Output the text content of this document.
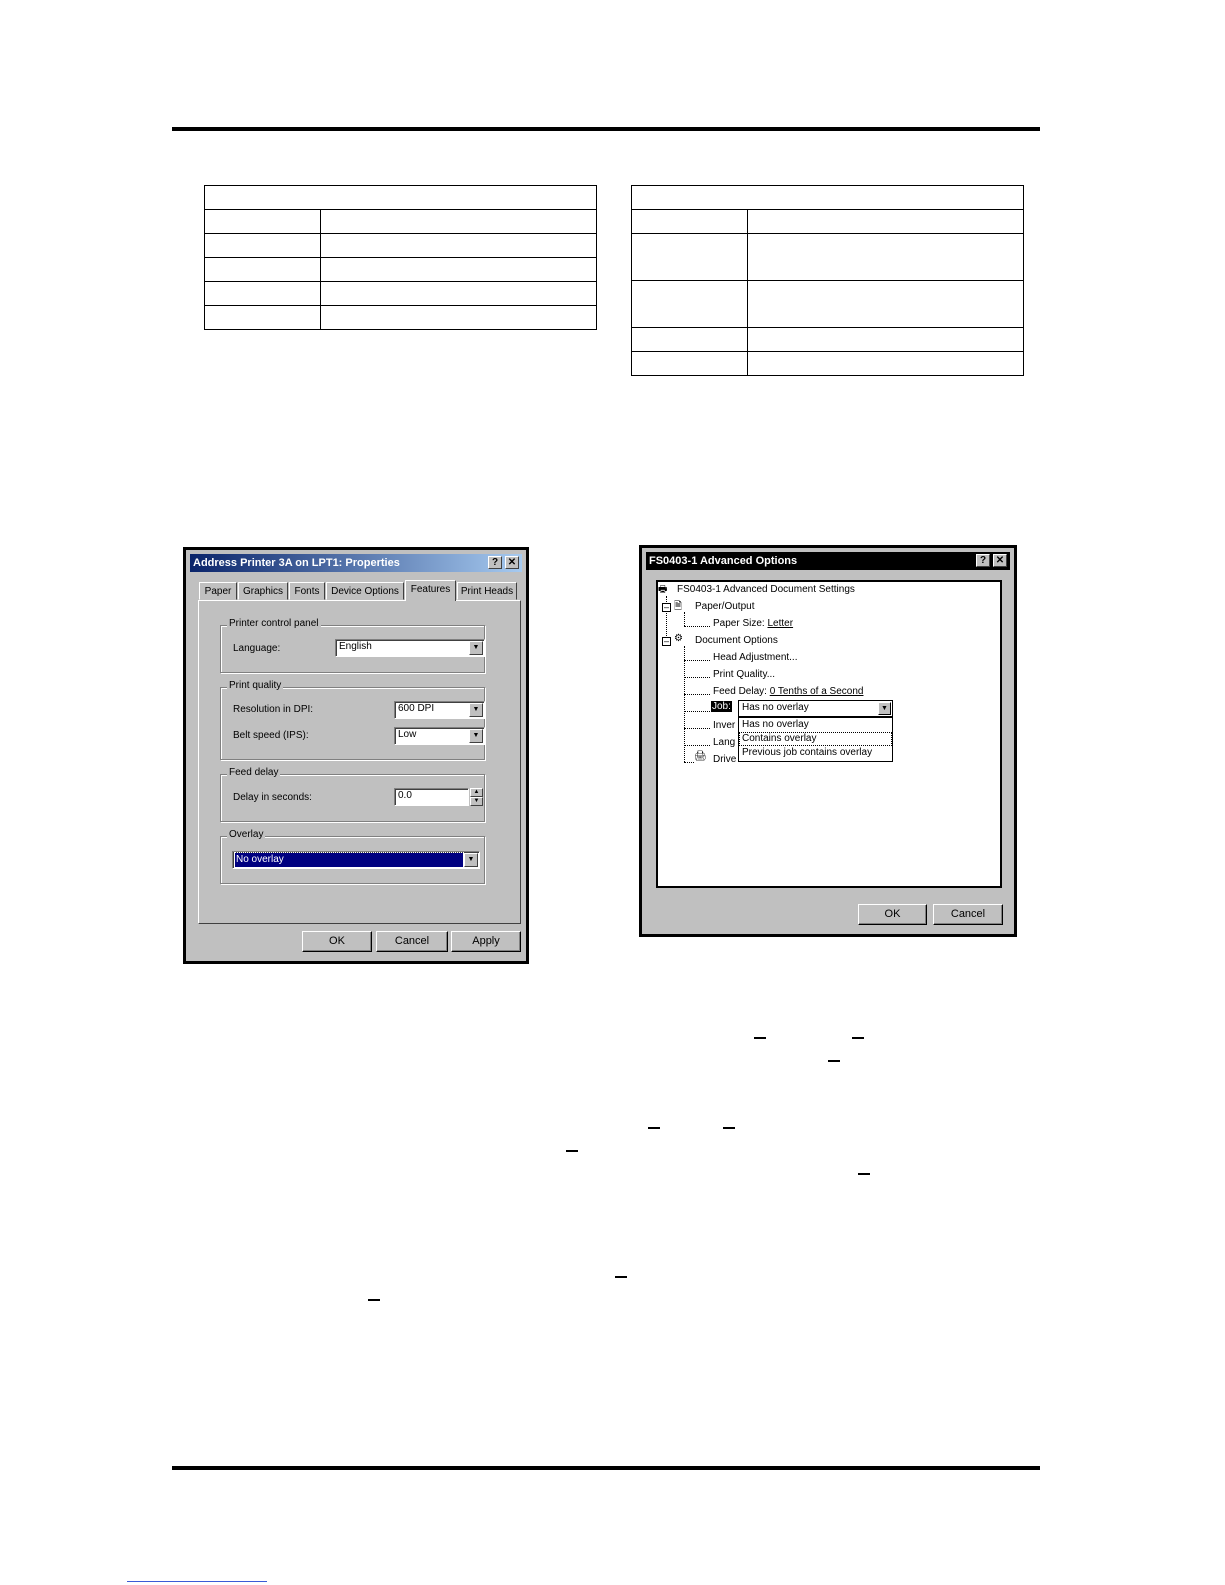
Address Printer 3A on LPT1: Properties	? ✕
Paper	Graphics	Fonts	Device Options	Features	Print Heads
Printer control panel
Language:	English	▼
Print quality
Resolution in DPI:	600 DPI	▼
Belt speed (IPS):	Low	▼
Feed delay
Delay in seconds:	0.0	▲
▼
Overlay
No overlay	▼
OK	Cancel	Apply
FS0403-1 Advanced Options	? ✕
–
–
🖶 FS0403-1 Advanced Document Settings
🗎 Paper/Output
Paper Size: Letter
⚙ Document Options
Head Adjustment...
Print Quality...
Feed Delay: 0 Tenths of a Second
Job:	Has no overlay	▼
Inver
Lang
🖨 Drive
Has no overlay
Contains overlay
Previous job contains overlay
OK	Cancel
